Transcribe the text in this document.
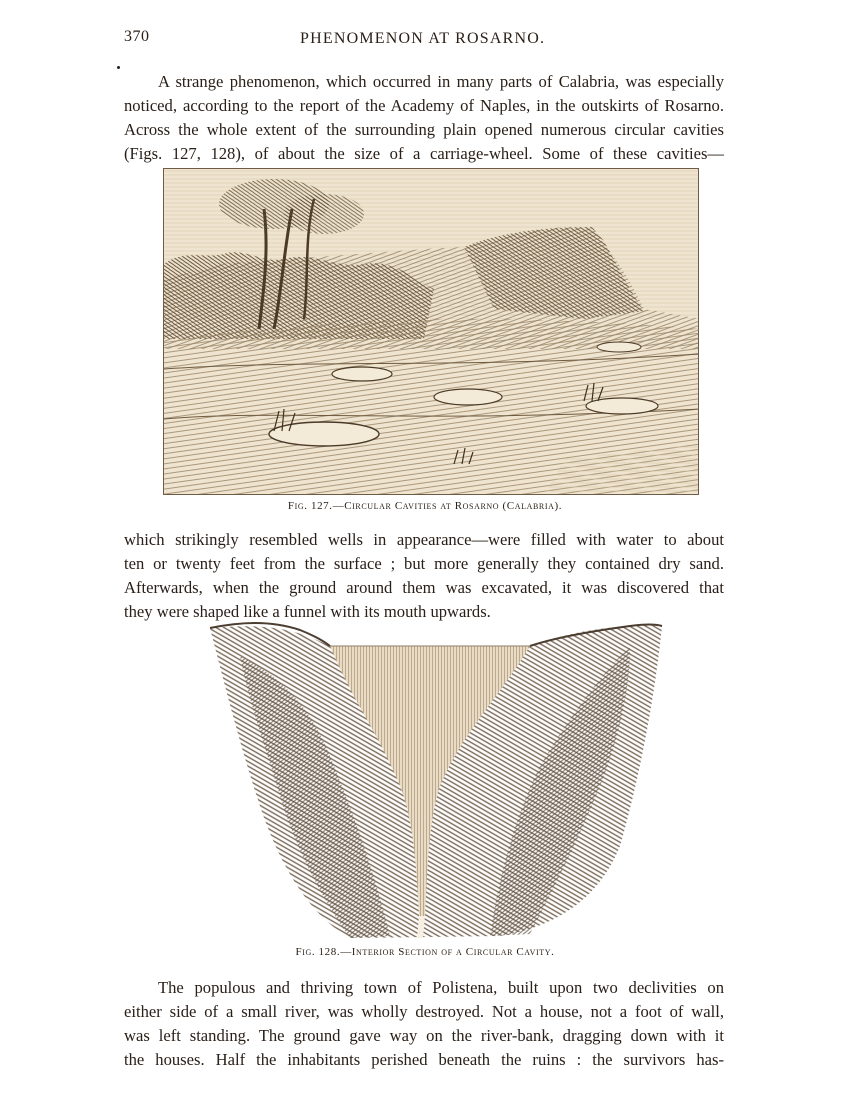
370	PHENOMENON AT ROSARNO.
A strange phenomenon, which occurred in many parts of Calabria, was especially
noticed, according to the report of the Academy of Naples, in the outskirts of Rosarno.
Across the whole extent of the surrounding plain opened numerous circular cavities
(Figs. 127, 128), of about the size of a carriage-wheel. Some of these cavities—
Fig. 127.—Circular Cavities at Rosarno (Calabria).
which strikingly resembled wells in appearance—were filled with water to about
ten or twenty feet from the surface ; but more generally they contained dry sand.
Afterwards, when the ground around them was excavated, it was discovered that
they were shaped like a funnel with its mouth upwards.
Fig. 128.—Interior Section of a Circular Cavity.
The populous and thriving town of Polistena, built upon two declivities on
either side of a small river, was wholly destroyed. Not a house, not a foot of wall,
was left standing. The ground gave way on the river-bank, dragging down with it
the houses. Half the inhabitants perished beneath the ruins : the survivors has-
